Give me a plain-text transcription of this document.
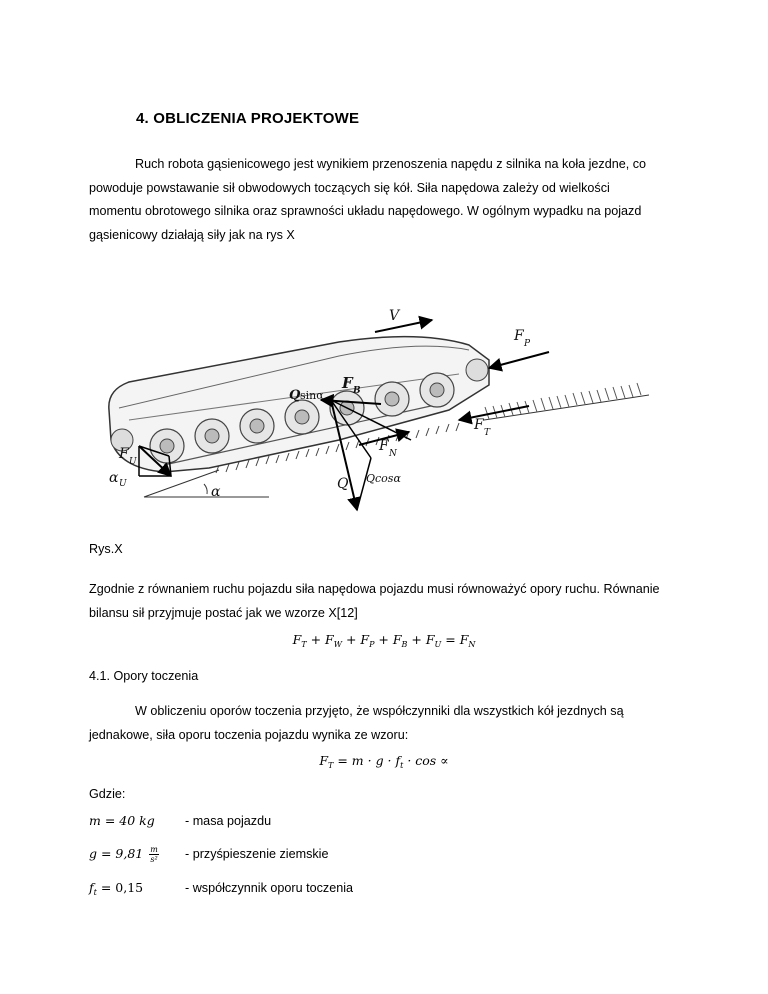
4. OBLICZENIA PROJEKTOWE
Ruch robota gąsienicowego jest wynikiem przenoszenia napędu z silnika na koła jezdne, co
powoduje powstawanie sił obwodowych toczących się kół. Siła napędowa zależy od wielkości
momentu obrotowego silnika oraz sprawności układu napędowego. W ogólnym wypadku na pojazd
gąsienicowy działają siły jak na rys X
V
F P
F B
Q sinα
F T
F N
F U
α U	Q Qcosα
α
Rys.X
Zgodnie z równaniem ruchu pojazdu siła napędowa pojazdu musi równoważyć opory ruchu. Równanie
bilansu sił przyjmuje postać jak we wzorze X[12]
$F_T + F_W + F_P + F_B + F_U = F_N$
4.1. Opory toczenia
W obliczeniu oporów toczenia przyjęto, że współczynniki dla wszystkich kół jezdnych są
jednakowe, siła oporu toczenia pojazdu wynika ze wzoru:
$F_T = m \cdot g \cdot f_t \cdot \cos$ ∝
Gdzie:
m = 40 kg - masa pojazdu
$g = 9,81 \frac{m}{\text{s²}}$ - przyśpieszenie ziemskie
$f_t = 0,15$	- współczynnik oporu toczenia
